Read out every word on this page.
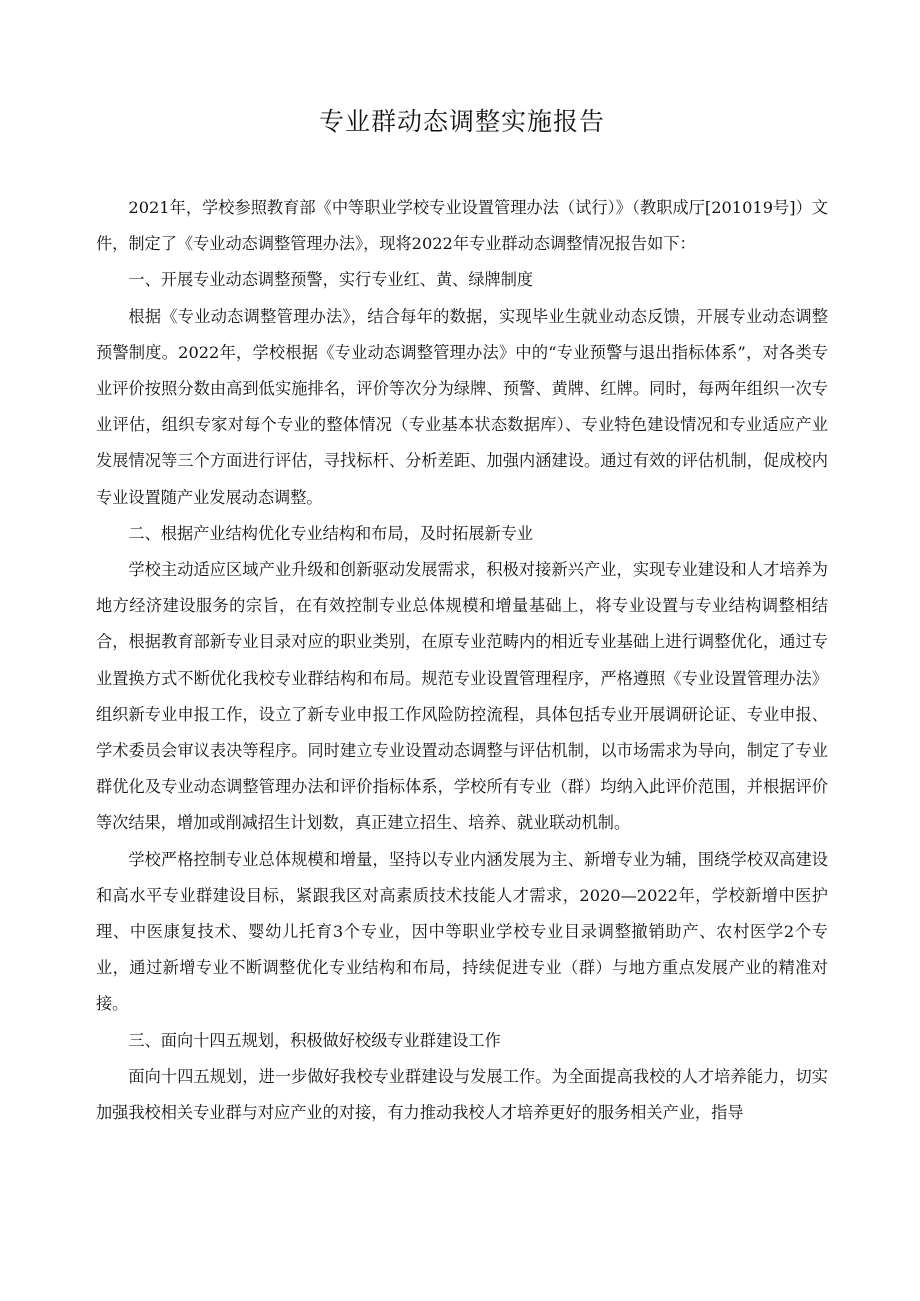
专业群动态调整实施报告

2021年，学校参照教育部《中等职业学校专业设置管理办法（试行）》（教职成厅[201019号]）文件，制定了《专业动态调整管理办法》，现将2022年专业群动态调整情况报告如下：

一、开展专业动态调整预警，实行专业红、黄、绿牌制度

根据《专业动态调整管理办法》，结合每年的数据，实现毕业生就业动态反馈，开展专业动态调整预警制度。2022年，学校根据《专业动态调整管理办法》中的“专业预警与退出指标体系”，对各类专业评价按照分数由高到低实施排名，评价等次分为绿牌、预警、黄牌、红牌。同时，每两年组织一次专业评估，组织专家对每个专业的整体情况（专业基本状态数据库）、专业特色建设情况和专业适应产业发展情况等三个方面进行评估，寻找标杆、分析差距、加强内涵建设。通过有效的评估机制，促成校内专业设置随产业发展动态调整。

二、根据产业结构优化专业结构和布局，及时拓展新专业

学校主动适应区域产业升级和创新驱动发展需求，积极对接新兴产业，实现专业建设和人才培养为地方经济建设服务的宗旨，在有效控制专业总体规模和增量基础上，将专业设置与专业结构调整相结合，根据教育部新专业目录对应的职业类别，在原专业范畴内的相近专业基础上进行调整优化，通过专业置换方式不断优化我校专业群结构和布局。规范专业设置管理程序，严格遵照《专业设置管理办法》组织新专业申报工作，设立了新专业申报工作风险防控流程，具体包括专业开展调研论证、专业申报、学术委员会审议表决等程序。同时建立专业设置动态调整与评估机制，以市场需求为导向，制定了专业群优化及专业动态调整管理办法和评价指标体系，学校所有专业（群）均纳入此评价范围，并根据评价等次结果，增加或削减招生计划数，真正建立招生、培养、就业联动机制。

学校严格控制专业总体规模和增量，坚持以专业内涵发展为主、新增专业为辅，围绕学校双高建设和高水平专业群建设目标，紧跟我区对高素质技术技能人才需求，2020—2022年，学校新增中医护理、中医康复技术、婴幼儿托育3个专业，因中等职业学校专业目录调整撤销助产、农村医学2个专业，通过新增专业不断调整优化专业结构和布局，持续促进专业（群）与地方重点发展产业的精准对接。

三、面向十四五规划，积极做好校级专业群建设工作

面向十四五规划，进一步做好我校专业群建设与发展工作。为全面提高我校的人才培养能力，切实加强我校相关专业群与对应产业的对接，有力推动我校人才培养更好的服务相关产业，指导
